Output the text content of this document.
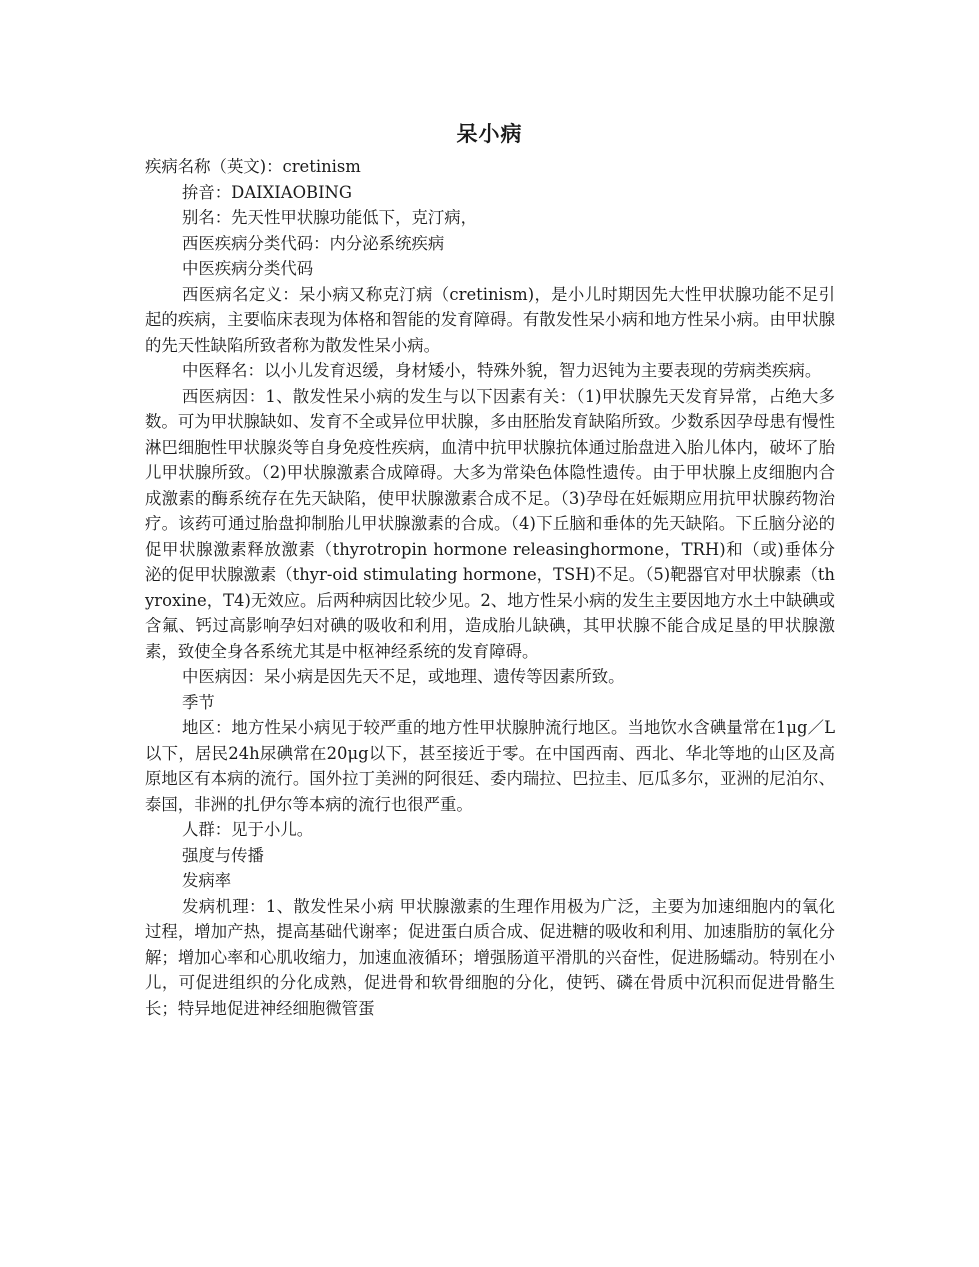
呆小病

疾病名称（英文)：cretinism

拚音：DAIXIAOBING

别名：先天性甲状腺功能低下，克汀病，

西医疾病分类代码：内分泌系统疾病

中医疾病分类代码

西医病名定义：呆小病又称克汀病（cretinism)，是小儿时期因先大性甲状腺功能不足引起的疾病，主要临床表现为体格和智能的发育障碍。有散发性呆小病和地方性呆小病。由甲状腺的先天性缺陷所致者称为散发性呆小病。

中医释名：以小儿发育迟缓，身材矮小，特殊外貌，智力迟钝为主要表现的劳病类疾病。

西医病因：1、散发性呆小病的发生与以下因素有关：（1)甲状腺先天发育异常，占绝大多数。可为甲状腺缺如、发育不全或异位甲状腺，多由胚胎发育缺陷所致。少数系因孕母患有慢性淋巴细胞性甲状腺炎等自身免疫性疾病，血清中抗甲状腺抗体通过胎盘进入胎儿体内，破坏了胎儿甲状腺所致。（2)甲状腺激素合成障碍。大多为常染色体隐性遗传。由于甲状腺上皮细胞内合成激素的酶系统存在先天缺陷，使甲状腺激素合成不足。（3)孕母在妊娠期应用抗甲状腺药物治疗。该药可通过胎盘抑制胎儿甲状腺激素的合成。（4)下丘脑和垂体的先天缺陷。下丘脑分泌的促甲状腺激素释放激素（thyrotropin hormone releasinghormone，TRH)和（或)垂体分泌的促甲状腺激素（thyr-oid stimulating hormone，TSH)不足。（5)靶器官对甲状腺素（thyroxine，T4)无效应。后两种病因比较少见。2、地方性呆小病的发生主要因地方水土中缺碘或含氟、钙过高影响孕妇对碘的吸收和利用，造成胎儿缺碘，其甲状腺不能合成足垦的甲状腺激素，致使全身各系统尤其是中枢神经系统的发育障碍。

中医病因：呆小病是因先天不足，或地理、遗传等因素所致。

季节

地区：地方性呆小病见于较严重的地方性甲状腺肿流行地区。当地饮水含碘量常在1μg／L以下，居民24h尿碘常在20μg以下，甚至接近于零。在中国西南、西北、华北等地的山区及高原地区有本病的流行。国外拉丁美洲的阿很廷、委内瑞拉、巴拉圭、厄瓜多尔，亚洲的尼泊尔、泰国，非洲的扎伊尔等本病的流行也很严重。

人群：见于小儿。

强度与传播

发病率

发病机理：1、散发性呆小病 甲状腺激素的生理作用极为广泛，主要为加速细胞内的氧化过程，增加产热，提高基础代谢率；促进蛋白质合成、促进糖的吸收和利用、加速脂肪的氧化分解；增加心率和心肌收缩力，加速血液循环；增强肠道平滑肌的兴奋性，促进肠蠕动。特别在小儿，可促进组织的分化成熟，促进骨和软骨细胞的分化，使钙、磷在骨质中沉积而促进骨骼生长；特异地促进神经细胞微管蛋
